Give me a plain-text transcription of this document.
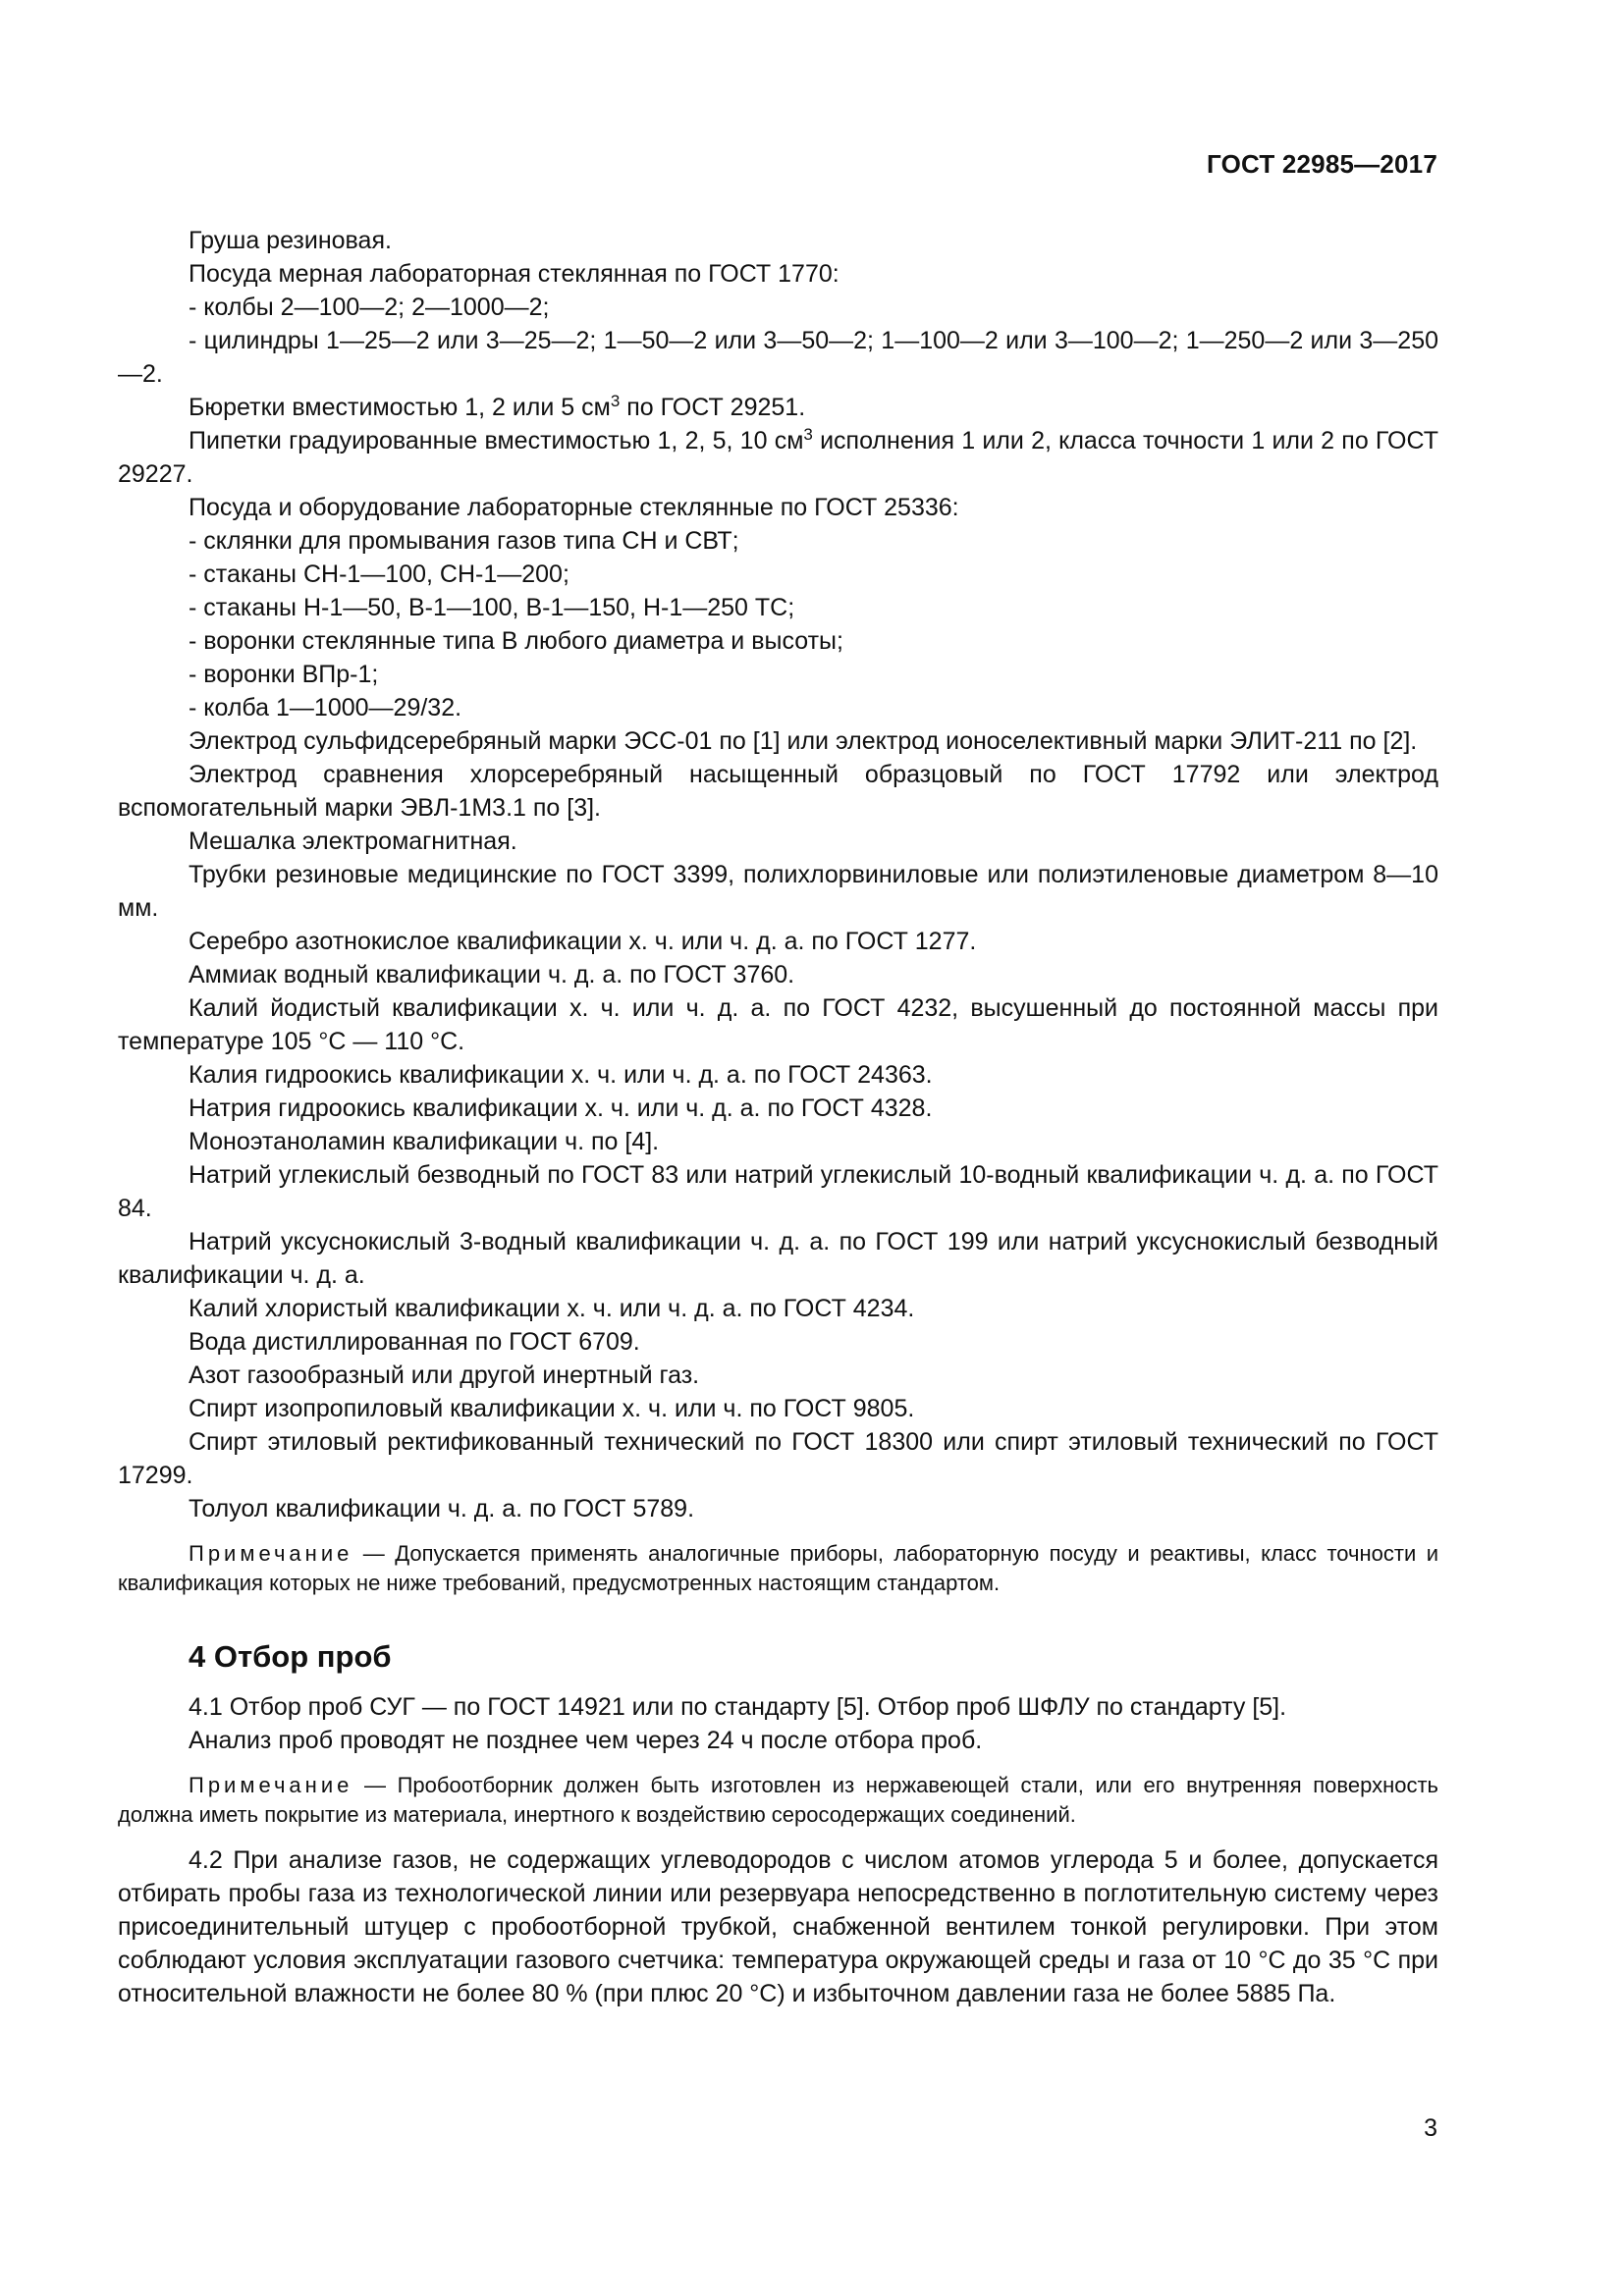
ГОСТ 22985—2017

Груша резиновая.

Посуда мерная лабораторная стеклянная по ГОСТ 1770:

- колбы 2—100—2; 2—1000—2;

- цилиндры 1—25—2 или 3—25—2; 1—50—2 или 3—50—2; 1—100—2 или 3—100—2; 1—250—2 или 3—250—2.

Бюретки вместимостью 1, 2 или 5 $см^3$ по ГОСТ 29251.

Пипетки градуированные вместимостью 1, 2, 5, 10 $см^3$ исполнения 1 или 2, класса точности 1 или 2 по ГОСТ 29227.

Посуда и оборудование лабораторные стеклянные по ГОСТ 25336:

- склянки для промывания газов типа СН и СВТ;

- стаканы СН-1—100, СН-1—200;

- стаканы Н-1—50, В-1—100, В-1—150, Н-1—250 ТС;

- воронки стеклянные типа В любого диаметра и высоты;

- воронки ВПр-1;

- колба 1—1000—29/32.

Электрод сульфидсеребряный марки ЭСС-01 по [1] или электрод ионоселективный марки ЭЛИТ-211 по [2].

Электрод сравнения хлорсеребряный насыщенный образцовый по ГОСТ 17792 или электрод вспомогательный марки ЭВЛ-1М3.1 по [3].

Мешалка электромагнитная.

Трубки резиновые медицинские по ГОСТ 3399, полихлорвиниловые или полиэтиленовые диаметром 8—10 мм.

Серебро азотнокислое квалификации х. ч. или ч. д. а. по ГОСТ 1277.

Аммиак водный квалификации ч. д. а. по ГОСТ 3760.

Калий йодистый квалификации х. ч. или ч. д. а. по ГОСТ 4232, высушенный до постоянной массы при температуре 105 °С — 110 °С.

Калия гидроокись квалификации х. ч. или ч. д. а. по ГОСТ 24363.

Натрия гидроокись квалификации х. ч. или ч. д. а. по ГОСТ 4328.

Моноэтаноламин квалификации ч. по [4].

Натрий углекислый безводный по ГОСТ 83 или натрий углекислый 10-водный квалификации ч. д. а. по ГОСТ 84.

Натрий уксуснокислый 3-водный квалификации ч. д. а. по ГОСТ 199 или натрий уксуснокислый безводный квалификации ч. д. а.

Калий хлористый квалификации х. ч. или ч. д. а. по ГОСТ 4234.

Вода дистиллированная по ГОСТ 6709.

Азот газообразный или другой инертный газ.

Спирт изопропиловый квалификации х. ч. или ч. по ГОСТ 9805.

Спирт этиловый ректификованный технический по ГОСТ 18300 или спирт этиловый технический по ГОСТ 17299.

Толуол квалификации ч. д. а. по ГОСТ 5789.

Примечание — Допускается применять аналогичные приборы, лабораторную посуду и реактивы, класс точности и квалификация которых не ниже требований, предусмотренных настоящим стандартом.

4 Отбор проб

4.1 Отбор проб СУГ — по ГОСТ 14921 или по стандарту [5]. Отбор проб ШФЛУ по стандарту [5].

Анализ проб проводят не позднее чем через 24 ч после отбора проб.

Примечание — Пробоотборник должен быть изготовлен из нержавеющей стали, или его внутренняя поверхность должна иметь покрытие из материала, инертного к воздействию серосодержащих соединений.

4.2 При анализе газов, не содержащих углеводородов с числом атомов углерода 5 и более, допускается отбирать пробы газа из технологической линии или резервуара непосредственно в поглотительную систему через присоединительный штуцер с пробоотборной трубкой, снабженной вентилем тонкой регулировки. При этом соблюдают условия эксплуатации газового счетчика: температура окружающей среды и газа от 10 °С до 35 °С при относительной влажности не более 80 % (при плюс 20 °С) и избыточном давлении газа не более 5885 Па.

3
